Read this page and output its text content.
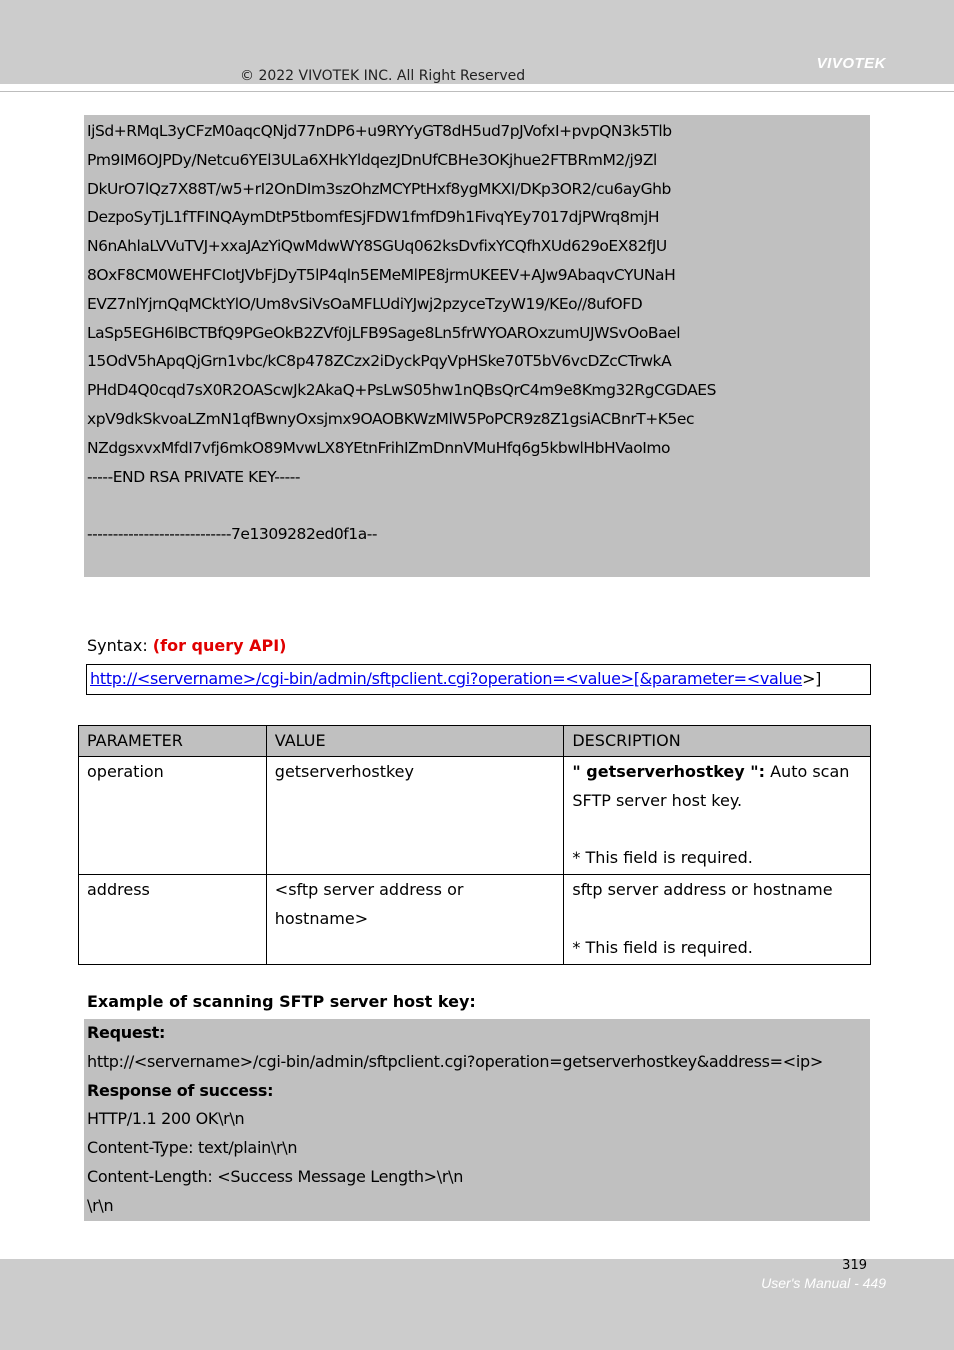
© 2022 VIVOTEK INC. All Right Reserved
VIVOTEK
IjSd+RMqL3yCFzM0aqcQNjd77nDP6+u9RYYyGT8dH5ud7pJVofxI+pvpQN3k5Tlb
Pm9IM6OJPDy/Netcu6YEl3ULa6XHkYldqezJDnUfCBHe3OKjhue2FTBRmM2/j9Zl
DkUrO7lQz7X88T/w5+rI2OnDIm3szOhzMCYPtHxf8ygMKXI/DKp3OR2/cu6ayGhb
DezpoSyTjL1fTFINQAymDtP5tbomfESjFDW1fmfD9h1FivqYEy7017djPWrq8mjH
N6nAhlaLVVuTVJ+xxaJAzYiQwMdwWY8SGUq062ksDvfixYCQfhXUd629oEX82fJU
8OxF8CM0WEHFCIotJVbFjDyT5lP4qln5EMeMlPE8jrmUKEEV+AJw9AbaqvCYUNaH
EVZ7nlYjrnQqMCktYlO/Um8vSiVsOaMFLUdiYJwj2pzyceTzyW19/KEo//8ufOFD
LaSp5EGH6lBCTBfQ9PGeOkB2ZVf0jLFB9Sage8Ln5frWYOAROxzumUJWSvOoBael
15OdV5hApqQjGrn1vbc/kC8p478ZCzx2iDyckPqyVpHSke70T5bV6vcDZcCTrwkA
PHdD4Q0cqd7sX0R2OAScwJk2AkaQ+PsLwS05hw1nQBsQrC4m9e8Kmg32RgCGDAES
xpV9dkSkvoaLZmN1qfBwnyOxsjmx9OAOBKWzMlW5PoPCR9z8Z1gsiACBnrT+K5ec
NZdgsxvxMfdI7vfj6mkO89MvwLX8YEtnFrihIZmDnnVMuHfq6g5kbwlHbHVaoImo
-----END RSA PRIVATE KEY-----
----------------------------7e1309282ed0f1a--
Syntax: (for query API)
http://<servername>/cgi-bin/admin/sftpclient.cgi?operation=<value>[&parameter=<value>]
PARAMETER	VALUE	DESCRIPTION
operation	getserverhostkey	" getserverhostkey ": Auto scan SFTP server host key.
* This field is required.

address	<sftp server address or hostname>	sftp server address or hostname
* This field is required.
Example of scanning SFTP server host key:
Request:
http://<servername>/cgi-bin/admin/sftpclient.cgi?operation=getserverhostkey&address=<ip>
Response of success:
HTTP/1.1 200 OK\r\n
Content-Type: text/plain\r\n
Content-Length: <Success Message Length>\r\n
\r\n
319
User's Manual - 449
